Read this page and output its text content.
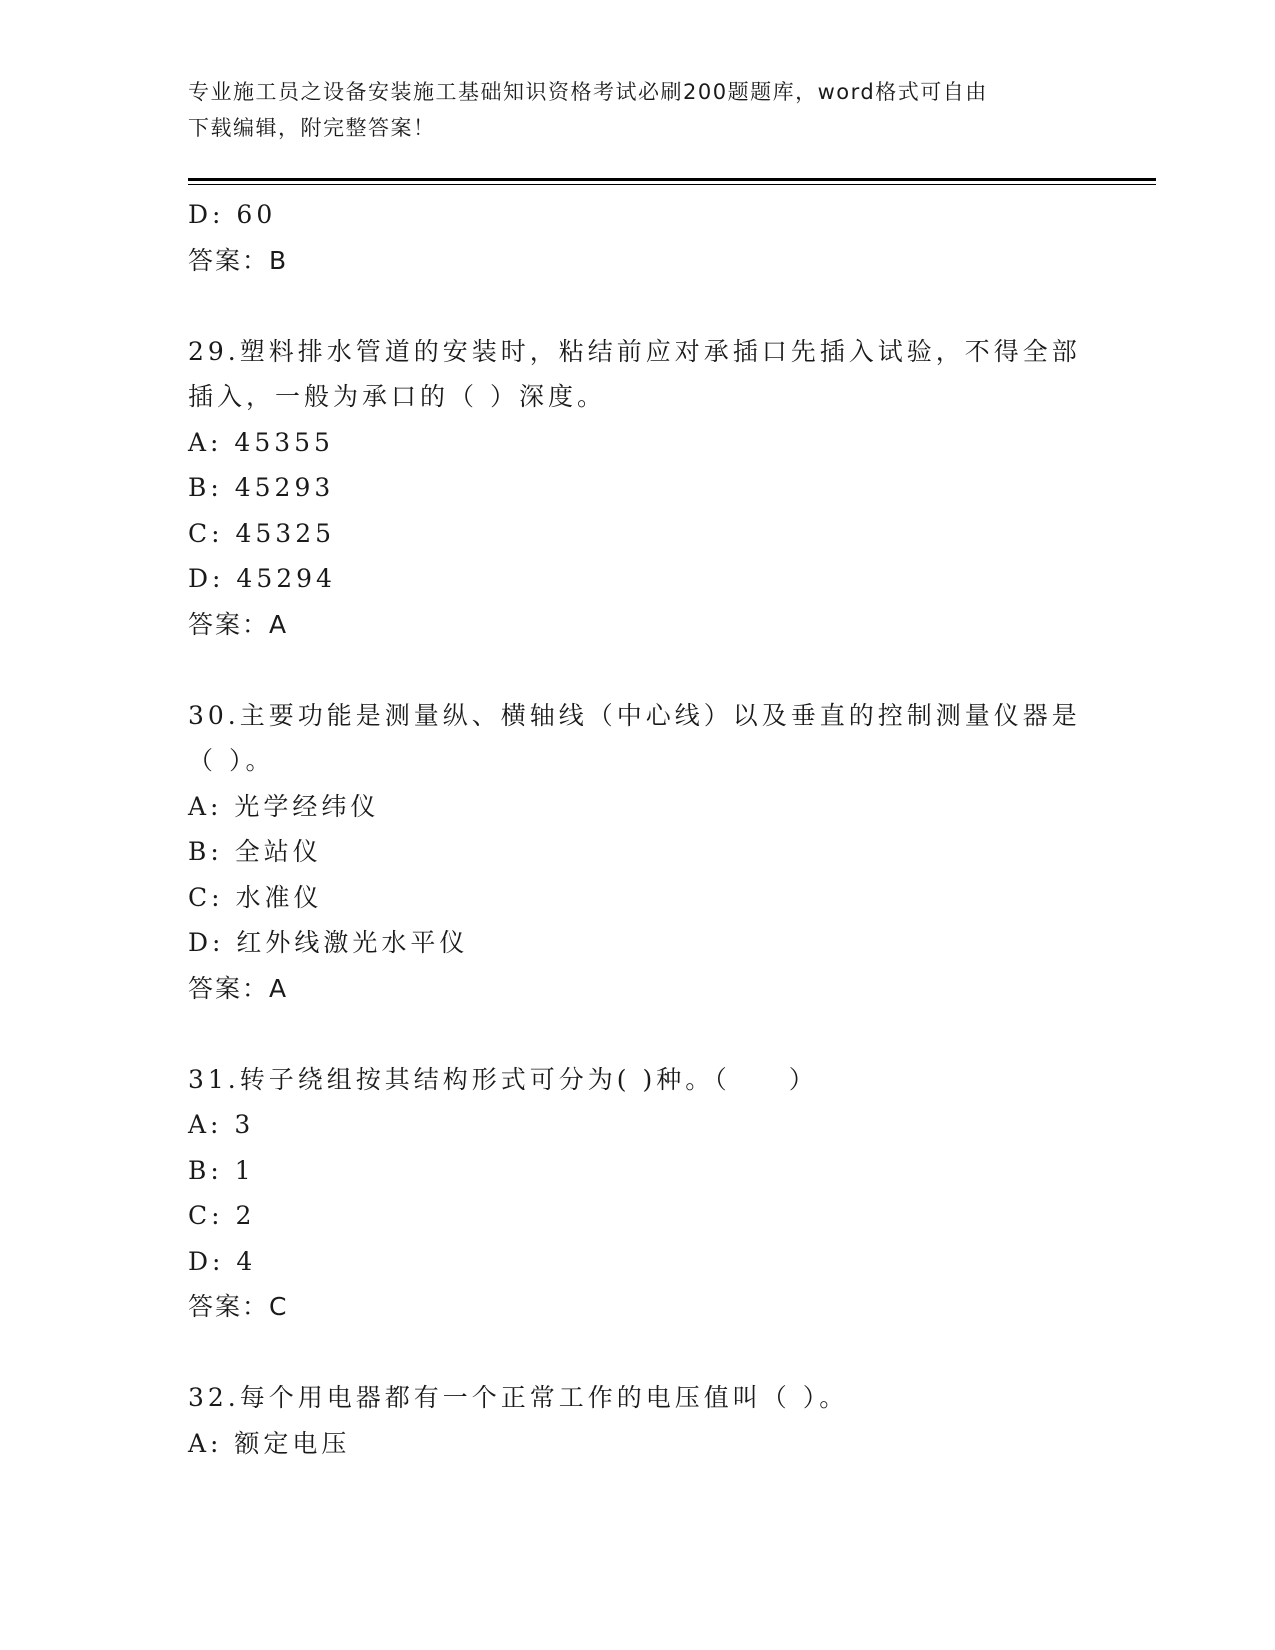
专业施工员之设备安装施工基础知识资格考试必刷200题题库，word格式可自由
下载编辑，附完整答案！
D: 60
答案：B
29.塑料排水管道的安装时，粘结前应对承插口先插入试验，不得全部
插入，一般为承口的（ ）深度。
A: 45355
B: 45293
C: 45325
D: 45294
答案：A
30.主要功能是测量纵、横轴线（中心线）以及垂直的控制测量仪器是
（ ）。
A: 光学经纬仪
B: 全站仪
C: 水准仪
D: 红外线激光水平仪
答案：A
31.转子绕组按其结构形式可分为( )种。（　　）
A: 3
B: 1
C: 2
D: 4
答案：C
32.每个用电器都有一个正常工作的电压值叫（ ）。
A: 额定电压
